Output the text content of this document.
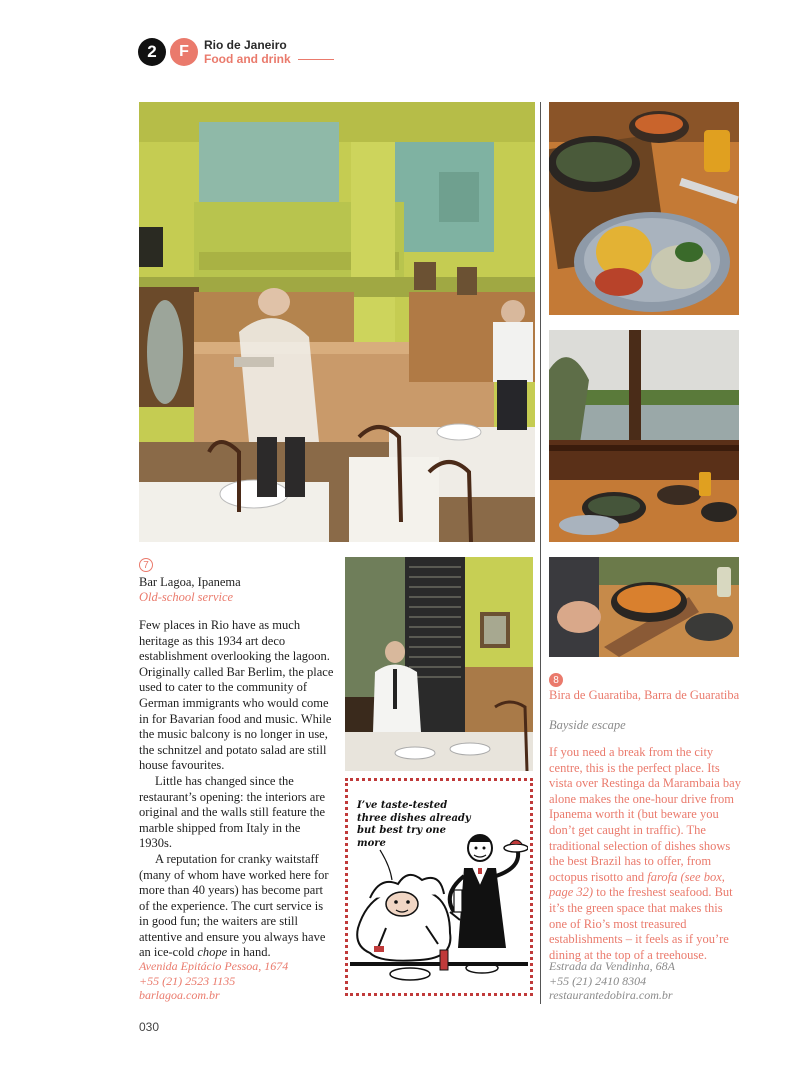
2	F	Rio de Janeiro
Food and drink
7
Bar Lagoa, Ipanema
Old-school service

Few places in Rio have as much heritage as this 1934 art deco establishment overlooking the lagoon. Originally called Bar Berlim, the place used to cater to the community of German immigrants who would come in for Bavarian food and music. While the music balcony is no longer in use, the schnitzel and potato salad are still house favourites.

Little has changed since the restaurant’s opening: the interiors are original and the walls still feature the marble shipped from Italy in the 1930s.

A reputation for cranky waitstaff (many of whom have worked here for more than 40 years) has become part of the experience. The curt service is in good fun; the waiters are still attentive and ensure you always have an ice-cold chope in hand.

Avenida Epitácio Pessoa, 1674
+55 (21) 2523 1135
barlagoa.com.br
I’ve taste-tested three dishes already but best try one more
8
Bira de Guaratiba, Barra de Guaratiba
Bayside escape

If you need a break from the city centre, this is the perfect place. Its vista over Restinga da Marambaia bay alone makes the one-hour drive from Ipanema worth it (but beware you don’t get caught in traffic). The traditional selection of dishes shows the best Brazil has to offer, from octopus risotto and farofa (see box, page 32) to the freshest seafood. But it’s the green space that makes this one of Rio’s most treasured establishments – it feels as if you’re dining at the top of a treehouse.

Estrada da Vendinha, 68A
+55 (21) 2410 8304
restaurantedobira.com.br
030
